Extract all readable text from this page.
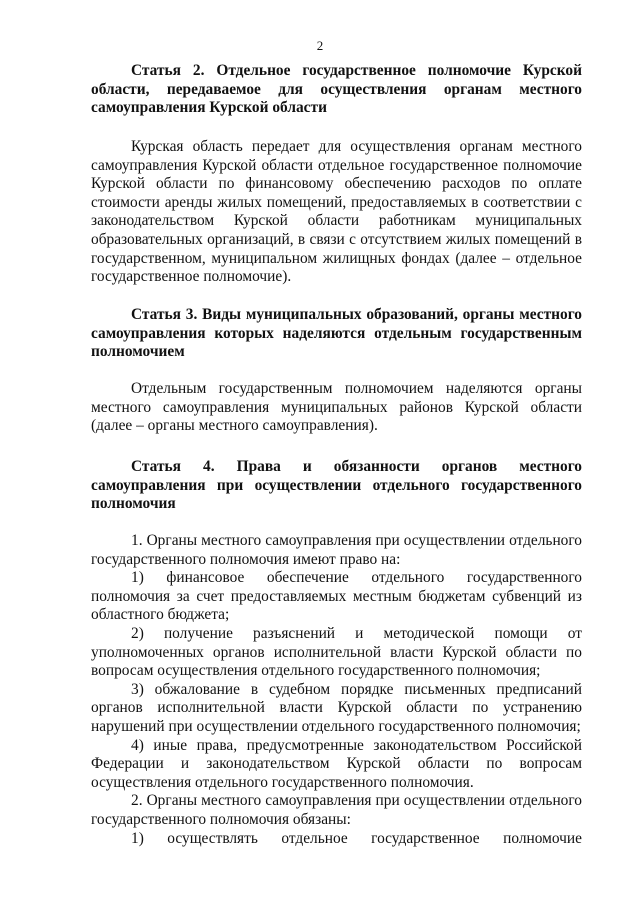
2
Статья 2. Отдельное государственное полномочие Курской
области, передаваемое для осуществления органам местного
самоуправления Курской области
Курская область передает для осуществления органам местного
самоуправления Курской области отдельное государственное полномочие
Курской области по финансовому обеспечению расходов по оплате
стоимости аренды жилых помещений, предоставляемых в соответствии с
законодательством Курской области работникам муниципальных
образовательных организаций, в связи с отсутствием жилых помещений в
государственном, муниципальном жилищных фондах (далее – отдельное
государственное полномочие).
Статья 3. Виды муниципальных образований, органы местного
самоуправления которых наделяются отдельным государственным
полномочием
Отдельным государственным полномочием наделяются органы
местного самоуправления муниципальных районов Курской области
(далее – органы местного самоуправления).
Статья 4. Права и обязанности органов местного
самоуправления при осуществлении отдельного государственного
полномочия
1. Органы местного самоуправления при осуществлении отдельного
государственного полномочия имеют право на:
1) финансовое обеспечение отдельного государственного
полномочия за счет предоставляемых местным бюджетам субвенций из
областного бюджета;
2) получение разъяснений и методической помощи от
уполномоченных органов исполнительной власти Курской области по
вопросам осуществления отдельного государственного полномочия;
3) обжалование в судебном порядке письменных предписаний
органов исполнительной власти Курской области по устранению
нарушений при осуществлении отдельного государственного полномочия;
4) иные права, предусмотренные законодательством Российской
Федерации и законодательством Курской области по вопросам
осуществления отдельного государственного полномочия.
2. Органы местного самоуправления при осуществлении отдельного
государственного полномочия обязаны:
1) осуществлять отдельное государственное полномочие
